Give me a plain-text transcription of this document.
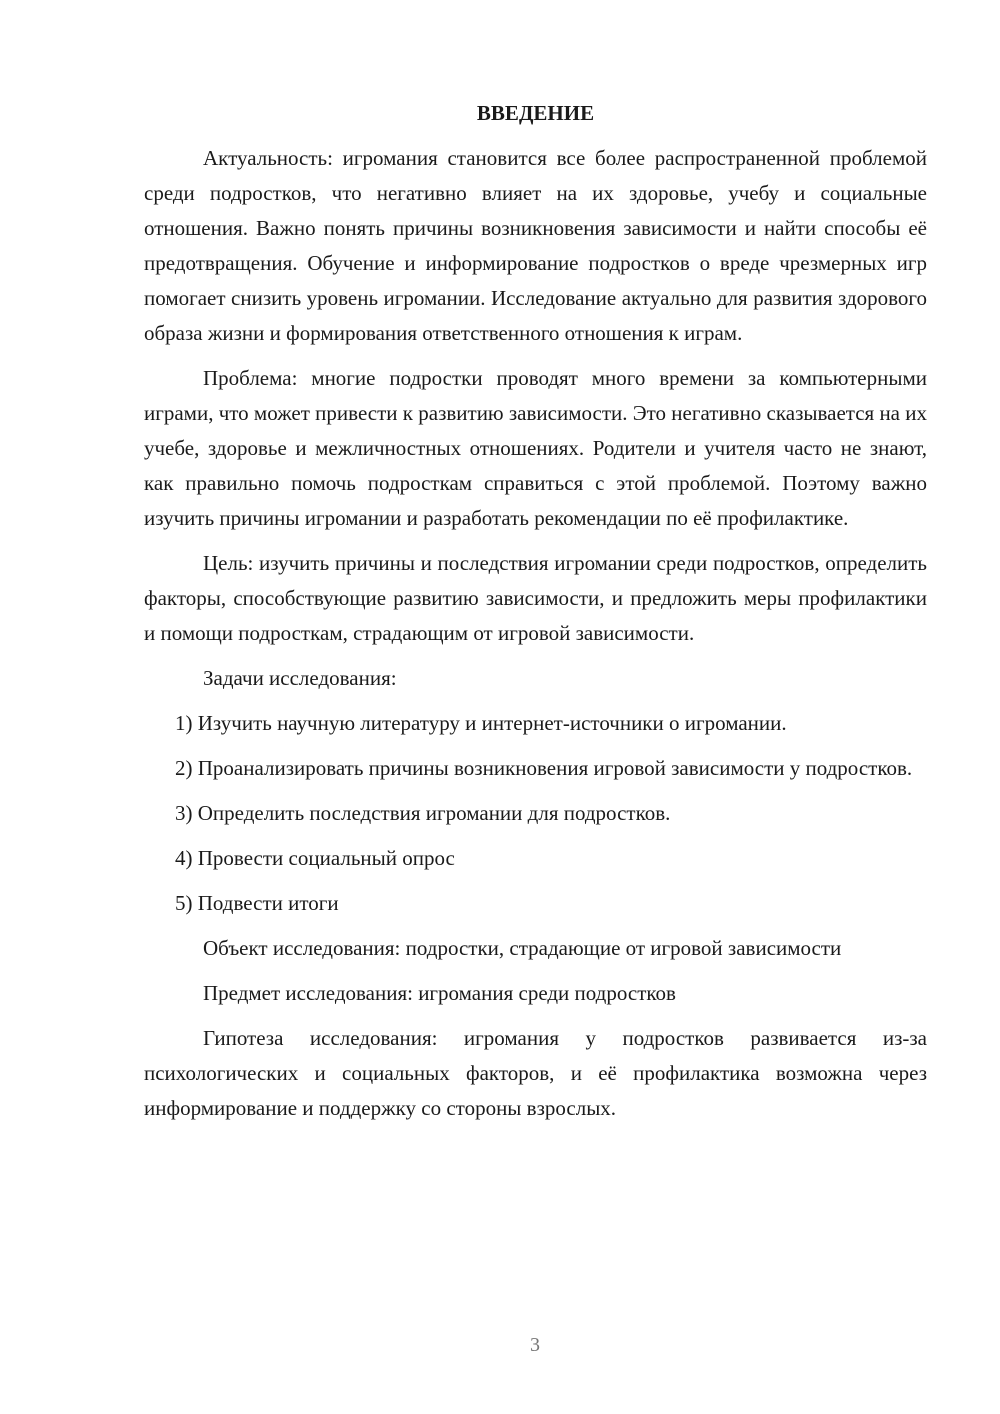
ВВЕДЕНИЕ

Актуальность: игромания становится все более распространенной проблемой среди подростков, что негативно влияет на их здоровье, учебу и социальные отношения. Важно понять причины возникновения зависимости и найти способы её предотвращения. Обучение и информирование подростков о вреде чрезмерных игр помогает снизить уровень игромании. Исследование актуально для развития здорового образа жизни и формирования ответственного отношения к играм.

Проблема: многие подростки проводят много времени за компьютерными играми, что может привести к развитию зависимости. Это негативно сказывается на их учебе, здоровье и межличностных отношениях. Родители и учителя часто не знают, как правильно помочь подросткам справиться с этой проблемой. Поэтому важно изучить причины игромании и разработать рекомендации по её профилактике.

Цель: изучить причины и последствия игромании среди подростков, определить факторы, способствующие развитию зависимости, и предложить меры профилактики и помощи подросткам, страдающим от игровой зависимости.

Задачи исследования:

1) Изучить научную литературу и интернет-источники о игромании.

2) Проанализировать причины возникновения игровой зависимости у подростков.

3) Определить последствия игромании для подростков.

4) Провести социальный опрос

5) Подвести итоги

Объект исследования: подростки, страдающие от игровой зависимости

Предмет исследования: игромания среди подростков

Гипотеза исследования: игромания у подростков развивается из-за психологических и социальных факторов, и её профилактика возможна через информирование и поддержку со стороны взрослых.

3
